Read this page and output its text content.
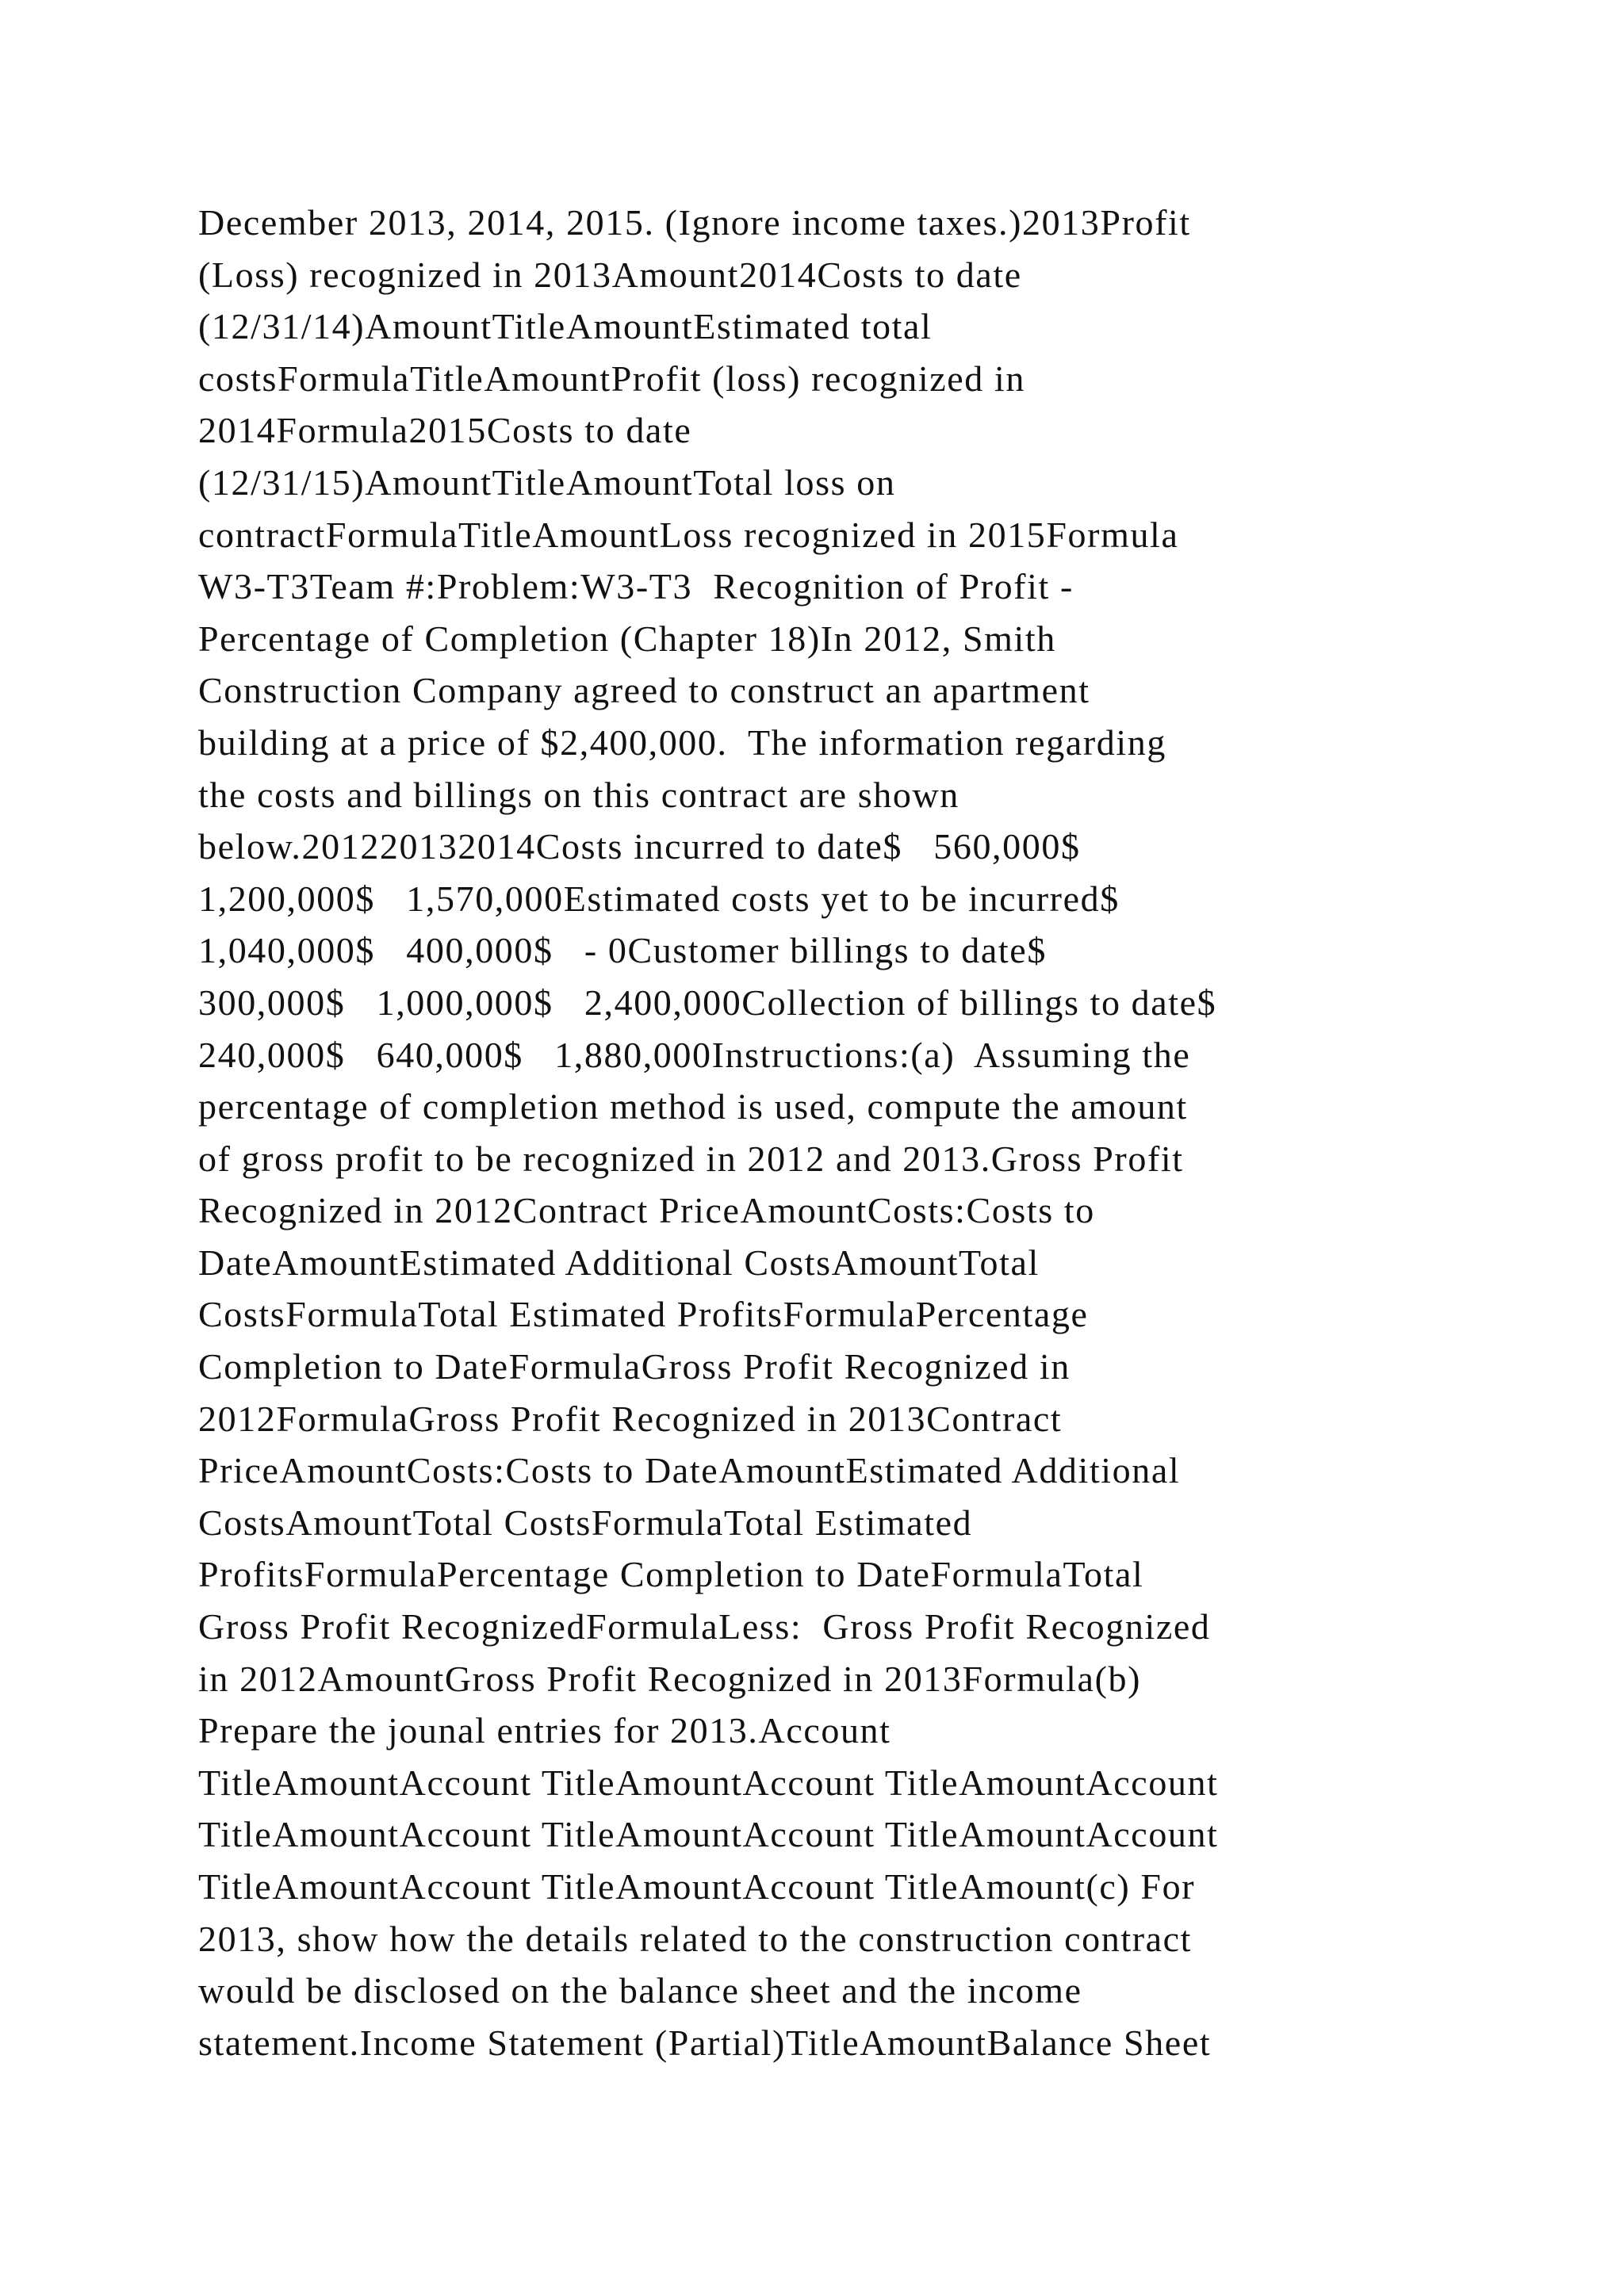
December 2013, 2014, 2015. (Ignore income taxes.)2013Profit
(Loss) recognized in 2013Amount2014Costs to date
(12/31/14)AmountTitleAmountEstimated total
costsFormulaTitleAmountProfit (loss) recognized in
2014Formula2015Costs to date
(12/31/15)AmountTitleAmountTotal loss on
contractFormulaTitleAmountLoss recognized in 2015Formula
W3-T3Team #:Problem:W3-T3  Recognition of Profit -
Percentage of Completion (Chapter 18)In 2012, Smith
Construction Company agreed to construct an apartment
building at a price of $2,400,000.  The information regarding
the costs and billings on this contract are shown
below.201220132014Costs incurred to date$   560,000$
1,200,000$   1,570,000Estimated costs yet to be incurred$
1,040,000$   400,000$   - 0Customer billings to date$
300,000$   1,000,000$   2,400,000Collection of billings to date$
240,000$   640,000$   1,880,000Instructions:(a)  Assuming the
percentage of completion method is used, compute the amount
of gross profit to be recognized in 2012 and 2013.Gross Profit
Recognized in 2012Contract PriceAmountCosts:Costs to
DateAmountEstimated Additional CostsAmountTotal
CostsFormulaTotal Estimated ProfitsFormulaPercentage
Completion to DateFormulaGross Profit Recognized in
2012FormulaGross Profit Recognized in 2013Contract
PriceAmountCosts:Costs to DateAmountEstimated Additional
CostsAmountTotal CostsFormulaTotal Estimated
ProfitsFormulaPercentage Completion to DateFormulaTotal
Gross Profit RecognizedFormulaLess:  Gross Profit Recognized
in 2012AmountGross Profit Recognized in 2013Formula(b)
Prepare the jounal entries for 2013.Account
TitleAmountAccount TitleAmountAccount TitleAmountAccount
TitleAmountAccount TitleAmountAccount TitleAmountAccount
TitleAmountAccount TitleAmountAccount TitleAmount(c) For
2013, show how the details related to the construction contract
would be disclosed on the balance sheet and the income
statement.Income Statement (Partial)TitleAmountBalance Sheet
